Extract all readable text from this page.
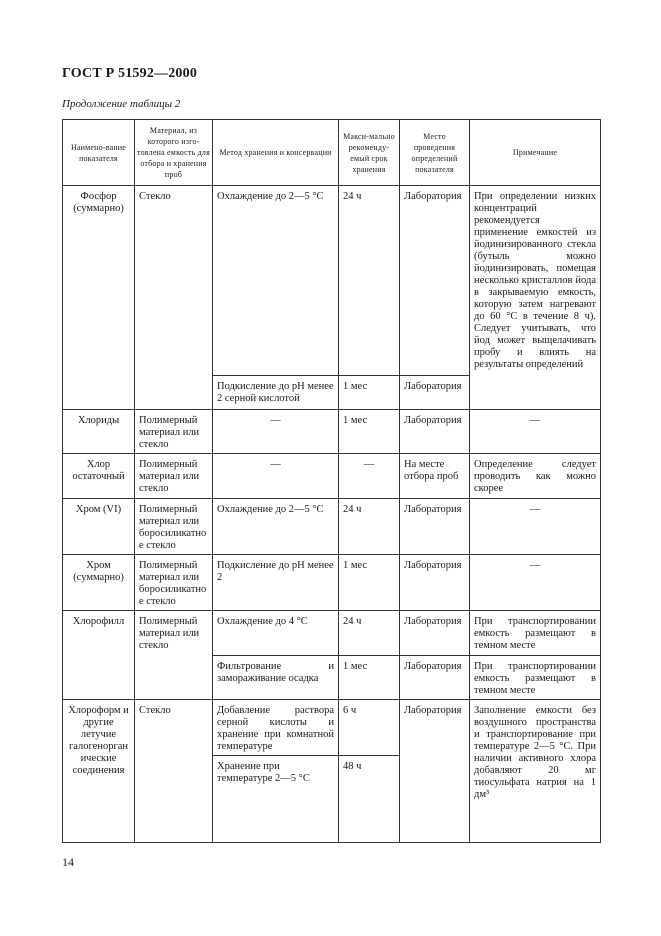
ГОСТ Р 51592—2000
Продолжение таблицы 2
Наимено-вание показателя	Материал, из которого изго-товлена емкость для отбора и хранения проб	Метод хранения и консервации	Макси-мально рекоменду-емый срок хранения	Место проведения определений показателя	Примечание
Фосфор (суммарно)	Стекло	Охлаждение до 2—5 °С	24 ч	Лаборатория	При определении низких концентраций рекомендуется применение емкостей из йодинизированного стекла (бутыль можно йодинизировать, помещая несколько кристаллов йода в закрываемую емкость, которую затем нагревают до 60 °С в течение 8 ч). Следует учитывать, что йод может выщелачивать пробу и влиять на результаты определений
		Подкисление до рН менее 2 серной кислотой	1 мес	Лаборатория	
Хлориды	Полимерный материал или стекло	—	1 мес	Лаборатория	—
Хлор остаточный	Полимерный материал или стекло	—	—	На месте отбора проб	Определение следует проводить как можно скорее
Хром (VI)	Полимерный материал или боросиликатное стекло	Охлаждение до 2—5 °С	24 ч	Лаборатория	—
Хром (суммарно)	Полимерный материал или боросиликатное стекло	Подкисление до рН менее 2	1 мес	Лаборатория	—
Хлорофилл	Полимерный материал или стекло	Охлаждение до 4 °С	24 ч	Лаборатория	При транспортировании емкость размещают в темном месте
		Фильтрование и замораживание осадка	1 мес	Лаборатория	При транспортировании емкость размещают в темном месте
Хлороформ и другие летучие галогенорганические соединения	Стекло	Добавление раствора серной кислоты и хранение при комнатной температуре	6 ч	Лаборатория	Заполнение емкости без воздушного пространства и транспортирование при температуре 2—5 °С. При наличии активного хлора добавляют 20 мг тиосульфата натрия на 1 дм³
		Хранение при температуре 2—5 °С	48 ч		
14
